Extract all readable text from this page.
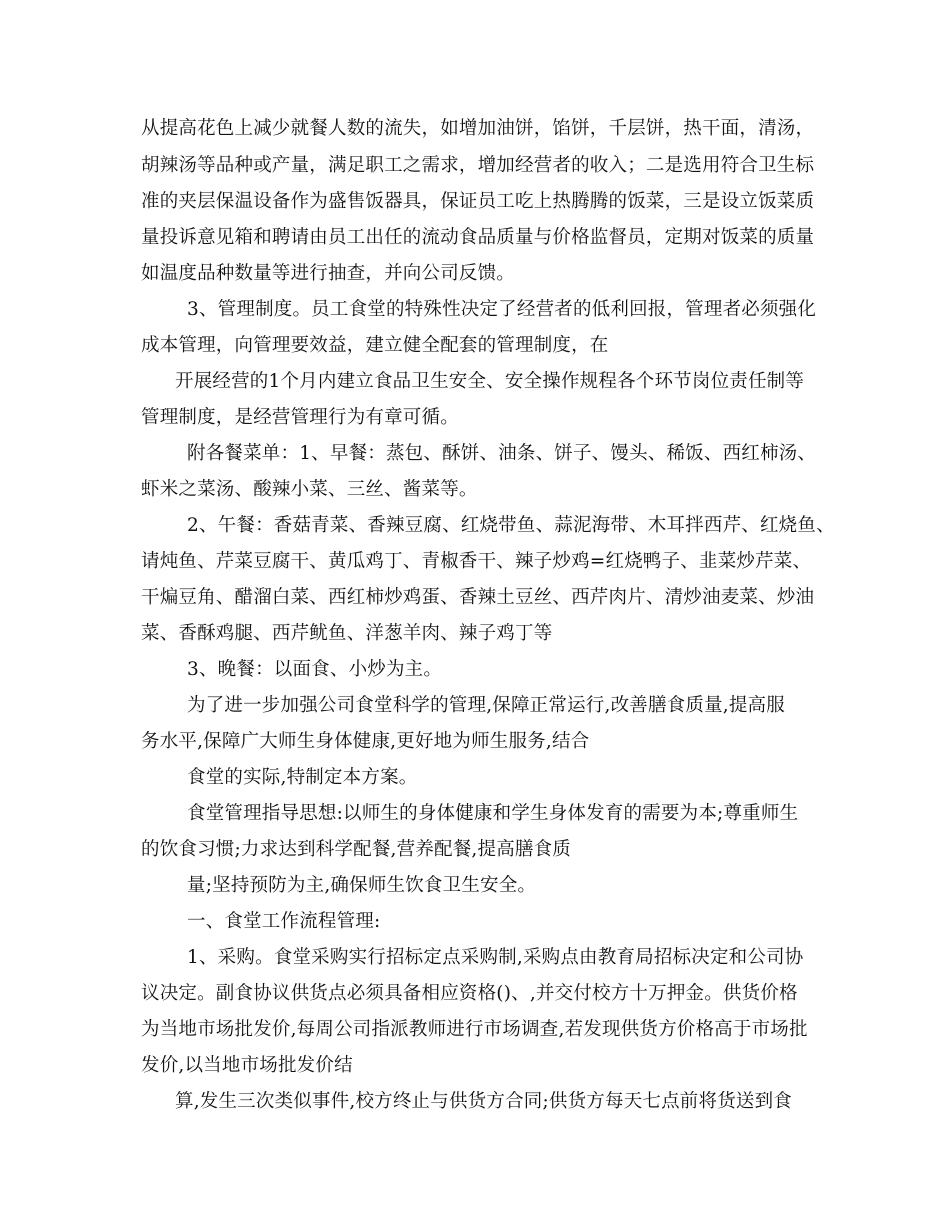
从提高花色上减少就餐人数的流失，如增加油饼，馅饼，千层饼，热干面，清汤，
胡辣汤等品种或产量，满足职工之需求，增加经营者的收入；二是选用符合卫生标
准的夹层保温设备作为盛售饭器具，保证员工吃上热腾腾的饭菜，三是设立饭菜质
量投诉意见箱和聘请由员工出任的流动食品质量与价格监督员，定期对饭菜的质量
如温度品种数量等进行抽查，并向公司反馈。
3、管理制度。员工食堂的特殊性决定了经营者的低利回报，管理者必须强化
成本管理，向管理要效益，建立健全配套的管理制度，在
开展经营的1个月内建立食品卫生安全、安全操作规程各个环节岗位责任制等
管理制度，是经营管理行为有章可循。
附各餐菜单：1、早餐：蒸包、酥饼、油条、饼子、馒头、稀饭、西红柿汤、
虾米之菜汤、酸辣小菜、三丝、酱菜等。
2、午餐：香菇青菜、香辣豆腐、红烧带鱼、蒜泥海带、木耳拌西芹、红烧鱼、
请炖鱼、芹菜豆腐干、黄瓜鸡丁、青椒香干、辣子炒鸡=红烧鸭子、韭菜炒芹菜、
干煸豆角、醋溜白菜、西红柿炒鸡蛋、香辣土豆丝、西芹肉片、清炒油麦菜、炒油
菜、香酥鸡腿、西芹鱿鱼、洋葱羊肉、辣子鸡丁等
3、晚餐：以面食、小炒为主。
为了进一步加强公司食堂科学的管理,保障正常运行,改善膳食质量,提高服
务水平,保障广大师生身体健康,更好地为师生服务,结合
食堂的实际,特制定本方案。
食堂管理指导思想:以师生的身体健康和学生身体发育的需要为本;尊重师生
的饮食习惯;力求达到科学配餐,营养配餐,提高膳食质
量;坚持预防为主,确保师生饮食卫生安全。
一、食堂工作流程管理:
1、采购。食堂采购实行招标定点采购制,采购点由教育局招标决定和公司协
议决定。副食协议供货点必须具备相应资格()、,并交付校方十万押金。供货价格
为当地市场批发价,每周公司指派教师进行市场调查,若发现供货方价格高于市场批
发价,以当地市场批发价结
算,发生三次类似事件,校方终止与供货方合同;供货方每天七点前将货送到食
